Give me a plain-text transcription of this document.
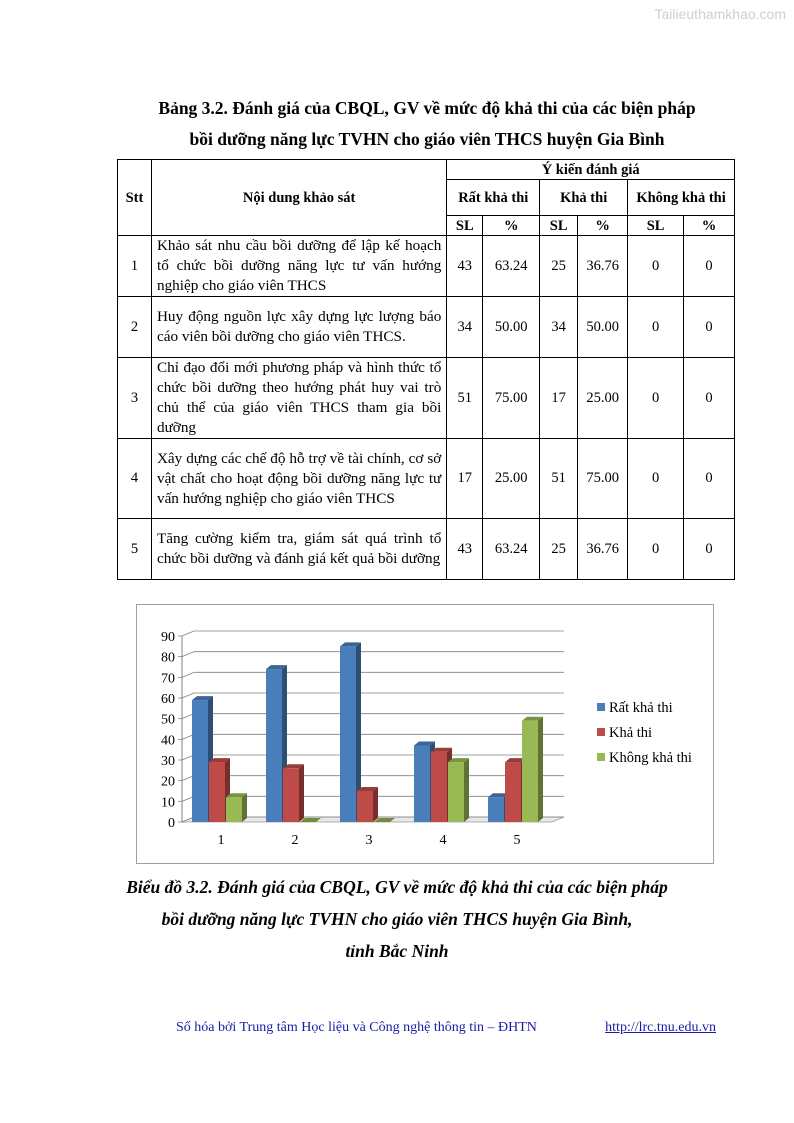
Tailieuthamkhao.com
Bảng 3.2. Đánh giá của CBQL, GV về mức độ khả thi của các biện pháp
bồi dưỡng năng lực TVHN cho giáo viên THCS huyện Gia Bình
Stt	Nội dung khảo sát	Ý kiến đánh giá					
		Rất khả thi		Khả thi		Không khả thi	
		SL	%	SL	%	SL	%
1	Khảo sát nhu cầu bồi dưỡng để lập kế hoạch tổ chức bồi dưỡng năng lực tư vấn hướng nghiệp cho giáo viên THCS	43	63.24	25	36.76	0	0
2	Huy động nguồn lực xây dựng lực lượng báo cáo viên bồi dưỡng cho giáo viên THCS.	34	50.00	34	50.00	0	0
3	Chỉ đạo đổi mới phương pháp và hình thức tổ chức bồi dưỡng theo hướng phát huy vai trò chủ thể của giáo viên THCS tham gia bồi dưỡng	51	75.00	17	25.00	0	0
4	Xây dựng các chế độ hỗ trợ về tài chính, cơ sở vật chất cho hoạt động bồi dưỡng năng lực tư vấn hướng nghiệp cho giáo viên THCS	17	25.00	51	75.00	0	0
5	Tăng cường kiểm tra, giám sát quá trình tổ chức bồi dưỡng và đánh giá kết quả bồi dưỡng	43	63.24	25	36.76	0	0
0
10
20
30
40
50
60
70
80
90
1	2	3	4	5
Rất khả thi
Khả thi
Không khả thi
Biểu đồ 3.2. Đánh giá của CBQL, GV về mức độ khả thi của các biện pháp
bồi dưỡng năng lực TVHN cho giáo viên THCS huyện Gia Bình,
tỉnh Bắc Ninh
Số hóa bởi Trung tâm Học liệu và Công nghệ thông tin – ĐHTN	http://lrc.tnu.edu.vn
